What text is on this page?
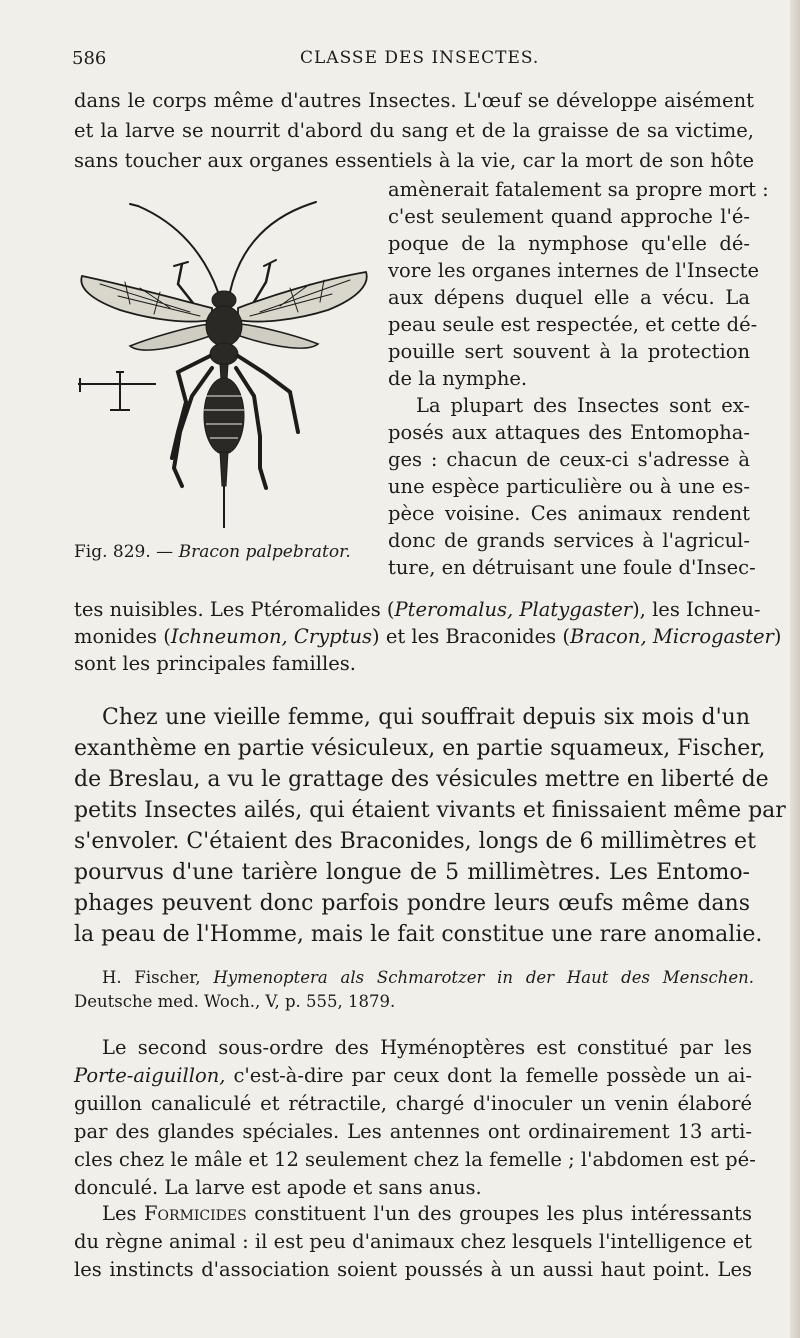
586	CLASSE DES INSECTES.
dans le corps même d'autres Insectes. L'œuf se développe aisément
et la larve se nourrit d'abord du sang et de la graisse de sa victime,
sans toucher aux organes essentiels à la vie, car la mort de son hôte
amènerait fatalement sa propre mort :
c'est seulement quand approche l'é-
poque de la nymphose qu'elle dé-
vore les organes internes de l'Insecte
aux dépens duquel elle a vécu. La
peau seule est respectée, et cette dé-
pouille sert souvent à la protection
de la nymphe.
La plupart des Insectes sont ex-
posés aux attaques des Entomopha-
ges : chacun de ceux-ci s'adresse à
une espèce particulière ou à une es-
pèce voisine. Ces animaux rendent
donc de grands services à l'agricul-
ture, en détruisant une foule d'Insec-
Fig. 829. — Bracon palpebrator.
tes nuisibles. Les Ptéromalides (Pteromalus, Platygaster), les Ichneu-
monides (Ichneumon, Cryptus) et les Braconides (Bracon, Microgaster)
sont les principales familles.
Chez une vieille femme, qui souffrait depuis six mois d'un
exanthème en partie vésiculeux, en partie squameux, Fischer,
de Breslau, a vu le grattage des vésicules mettre en liberté de
petits Insectes ailés, qui étaient vivants et finissaient même par
s'envoler. C'étaient des Braconides, longs de 6 millimètres et
pourvus d'une tarière longue de 5 millimètres. Les Entomo-
phages peuvent donc parfois pondre leurs œufs même dans
la peau de l'Homme, mais le fait constitue une rare anomalie.
H. Fischer, Hymenoptera als Schmarotzer in der Haut des Menschen.
Deutsche med. Woch., V, p. 555, 1879.
Le second sous-ordre des Hyménoptères est constitué par les
Porte-aiguillon, c'est-à-dire par ceux dont la femelle possède un ai-
guillon canaliculé et rétractile, chargé d'inoculer un venin élaboré
par des glandes spéciales. Les antennes ont ordinairement 13 arti-
cles chez le mâle et 12 seulement chez la femelle ; l'abdomen est pé-
donculé. La larve est apode et sans anus.
Les Formicides constituent l'un des groupes les plus intéressants
du règne animal : il est peu d'animaux chez lesquels l'intelligence et
les instincts d'association soient poussés à un aussi haut point. Les
